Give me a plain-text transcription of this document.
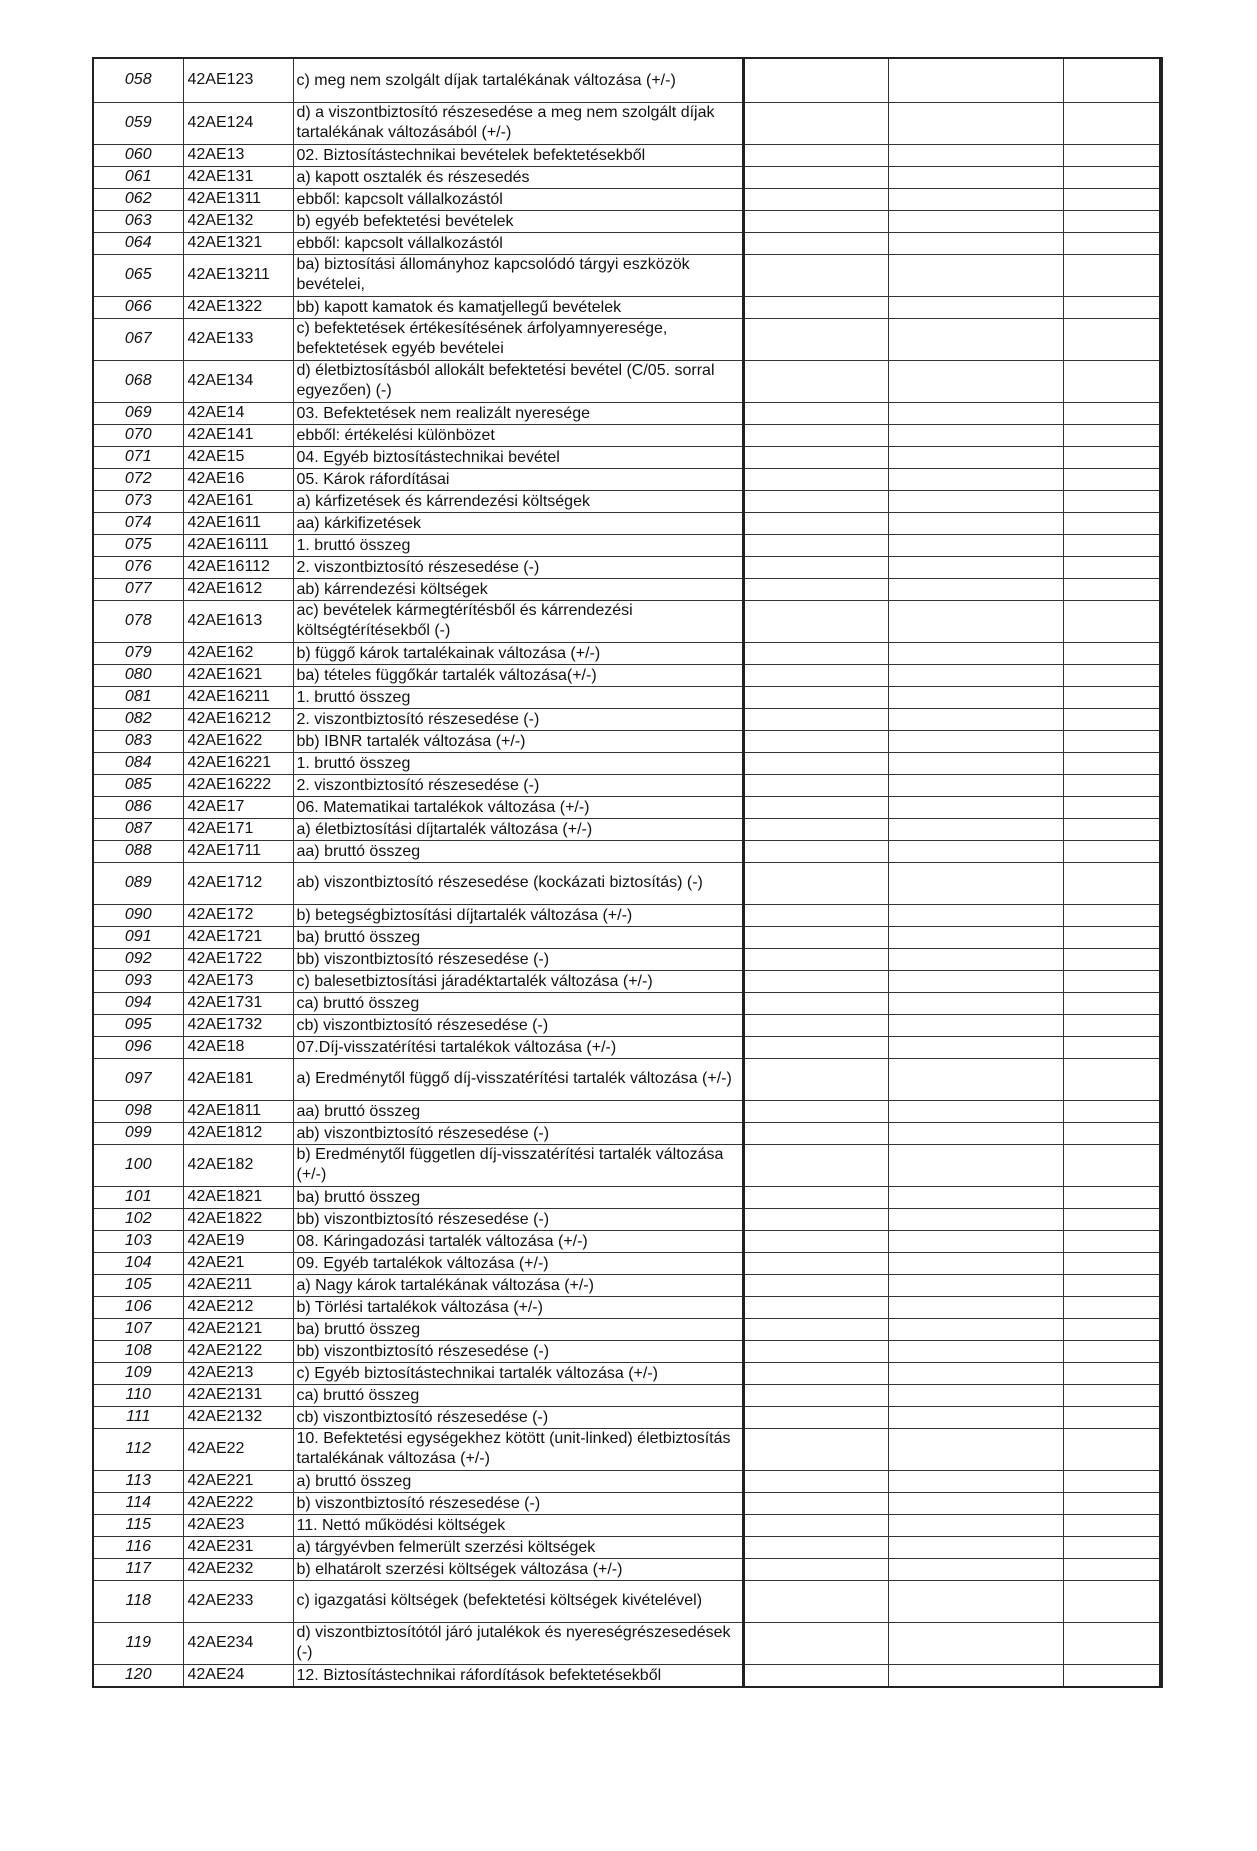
058	42AE123	c) meg nem szolgált díjak tartalékának változása (+/-)			
059	42AE124	d) a viszontbiztosító részesedése a meg nem szolgált díjak tartalékának változásából (+/-)			
060	42AE13	02. Biztosítástechnikai bevételek befektetésekből			
061	42AE131	a) kapott osztalék és részesedés			
062	42AE1311	ebből: kapcsolt vállalkozástól			
063	42AE132	b) egyéb befektetési bevételek			
064	42AE1321	ebből: kapcsolt vállalkozástól			
065	42AE13211	ba) biztosítási állományhoz kapcsolódó tárgyi eszközök bevételei,			
066	42AE1322	bb) kapott kamatok és kamatjellegű bevételek			
067	42AE133	c) befektetések értékesítésének árfolyamnyeresége, befektetések egyéb bevételei			
068	42AE134	d) életbiztosításból allokált befektetési bevétel (C/05. sorral egyezően) (-)			
069	42AE14	03. Befektetések nem realizált nyeresége			
070	42AE141	ebből: értékelési különbözet			
071	42AE15	04. Egyéb biztosítástechnikai bevétel			
072	42AE16	05. Károk ráfordításai			
073	42AE161	a) kárfizetések és kárrendezési költségek			
074	42AE1611	aa) kárkifizetések			
075	42AE16111	1. bruttó összeg			
076	42AE16112	2. viszontbiztosító részesedése (-)			
077	42AE1612	ab) kárrendezési költségek			
078	42AE1613	ac) bevételek kármegtérítésből és kárrendezési költségtérítésekből (-)			
079	42AE162	b) függő károk tartalékainak változása (+/-)			
080	42AE1621	ba) tételes függőkár tartalék változása(+/-)			
081	42AE16211	1. bruttó összeg			
082	42AE16212	2. viszontbiztosító részesedése (-)			
083	42AE1622	bb) IBNR tartalék változása (+/-)			
084	42AE16221	1. bruttó összeg			
085	42AE16222	2. viszontbiztosító részesedése (-)			
086	42AE17	06. Matematikai tartalékok változása (+/-)			
087	42AE171	a) életbiztosítási díjtartalék változása (+/-)			
088	42AE1711	aa) bruttó összeg			
089	42AE1712	ab) viszontbiztosító részesedése (kockázati biztosítás) (-)			
090	42AE172	b) betegségbiztosítási díjtartalék változása (+/-)			
091	42AE1721	ba) bruttó összeg			
092	42AE1722	bb) viszontbiztosító részesedése (-)			
093	42AE173	c) balesetbiztosítási járadéktartalék változása (+/-)			
094	42AE1731	ca) bruttó összeg			
095	42AE1732	cb) viszontbiztosító részesedése (-)			
096	42AE18	07.Díj-visszatérítési tartalékok változása (+/-)			
097	42AE181	a) Eredménytől függő díj-visszatérítési tartalék változása (+/-)			
098	42AE1811	aa) bruttó összeg			
099	42AE1812	ab) viszontbiztosító részesedése (-)			
100	42AE182	b) Eredménytől független díj-visszatérítési tartalék változása (+/-)			
101	42AE1821	ba) bruttó összeg			
102	42AE1822	bb) viszontbiztosító részesedése (-)			
103	42AE19	08. Káringadozási tartalék változása (+/-)			
104	42AE21	09. Egyéb tartalékok változása (+/-)			
105	42AE211	a) Nagy károk tartalékának változása (+/-)			
106	42AE212	b) Törlési tartalékok változása (+/-)			
107	42AE2121	ba) bruttó összeg			
108	42AE2122	bb) viszontbiztosító részesedése (-)			
109	42AE213	c) Egyéb biztosítástechnikai tartalék változása (+/-)			
110	42AE2131	ca) bruttó összeg			
111	42AE2132	cb) viszontbiztosító részesedése (-)			
112	42AE22	10. Befektetési egységekhez kötött (unit-linked) életbiztosítás tartalékának változása (+/-)			
113	42AE221	a) bruttó összeg			
114	42AE222	b) viszontbiztosító részesedése (-)			
115	42AE23	11. Nettó működési költségek			
116	42AE231	a) tárgyévben felmerült szerzési költségek			
117	42AE232	b) elhatárolt szerzési költségek változása (+/-)			
118	42AE233	c) igazgatási költségek (befektetési költségek kivételével)			
119	42AE234	d) viszontbiztosítótól járó jutalékok és nyereségrészesedések (-)			
120	42AE24	12. Biztosítástechnikai ráfordítások befektetésekből			
